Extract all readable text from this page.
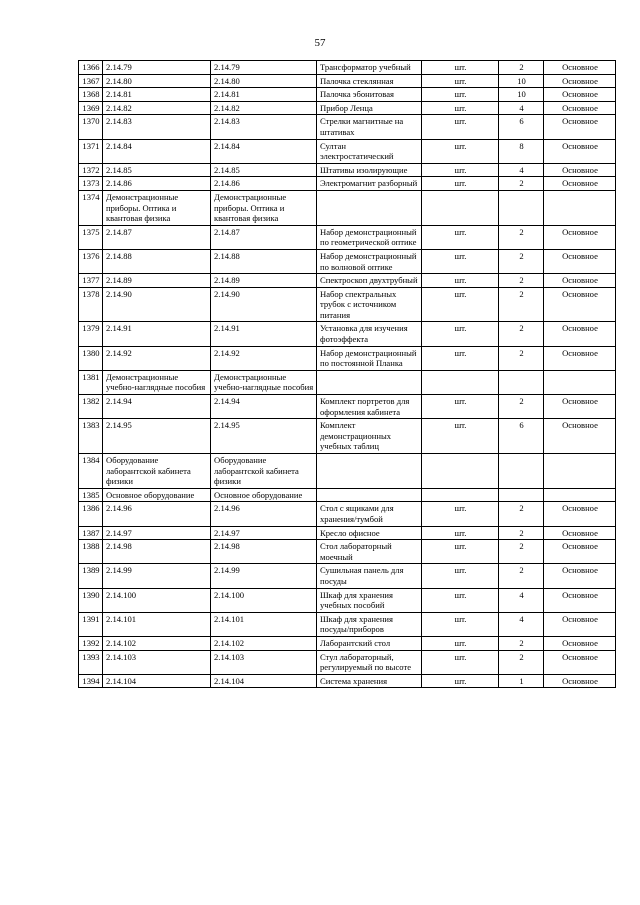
57
1366	2.14.79	2.14.79	Трансформатор учебный	шт.	2	Основное
1367	2.14.80	2.14.80	Палочка стеклянная	шт.	10	Основное
1368	2.14.81	2.14.81	Палочка эбонитовая	шт.	10	Основное
1369	2.14.82	2.14.82	Прибор Ленца	шт.	4	Основное
1370	2.14.83	2.14.83	Стрелки магнитные на штативах	шт.	6	Основное
1371	2.14.84	2.14.84	Султан электростатический	шт.	8	Основное
1372	2.14.85	2.14.85	Штативы изолирующие	шт.	4	Основное
1373	2.14.86	2.14.86	Электромагнит разборный	шт.	2	Основное
1374	Демонстрационные приборы. Оптика и квантовая физика	Демонстрационные приборы. Оптика и квантовая физика				
1375	2.14.87	2.14.87	Набор демонстрационный по геометрической оптике	шт.	2	Основное
1376	2.14.88	2.14.88	Набор демонстрационный по волновой оптике	шт.	2	Основное
1377	2.14.89	2.14.89	Спектроскоп двухтрубный	шт.	2	Основное
1378	2.14.90	2.14.90	Набор спектральных трубок с источником питания	шт.	2	Основное
1379	2.14.91	2.14.91	Установка для изучения фотоэффекта	шт.	2	Основное
1380	2.14.92	2.14.92	Набор демонстрационный по постоянной Планка	шт.	2	Основное
1381	Демонстрационные учебно-наглядные пособия	Демонстрационные учебно-наглядные пособия				
1382	2.14.94	2.14.94	Комплект портретов для оформления кабинета	шт.	2	Основное
1383	2.14.95	2.14.95	Комплект демонстрационных учебных таблиц	шт.	6	Основное
1384	Оборудование лаборантской кабинета физики	Оборудование лаборантской кабинета физики				
1385	Основное оборудование	Основное оборудование				
1386	2.14.96	2.14.96	Стол с ящиками для хранения/тумбой	шт.	2	Основное
1387	2.14.97	2.14.97	Кресло офисное	шт.	2	Основное
1388	2.14.98	2.14.98	Стол лабораторный моечный	шт.	2	Основное
1389	2.14.99	2.14.99	Сушильная панель для посуды	шт.	2	Основное
1390	2.14.100	2.14.100	Шкаф для хранения учебных пособий	шт.	4	Основное
1391	2.14.101	2.14.101	Шкаф для хранения посуды/приборов	шт.	4	Основное
1392	2.14.102	2.14.102	Лаборантский стол	шт.	2	Основное
1393	2.14.103	2.14.103	Стул лабораторный, регулируемый по высоте	шт.	2	Основное
1394	2.14.104	2.14.104	Система хранения	шт.	1	Основное
